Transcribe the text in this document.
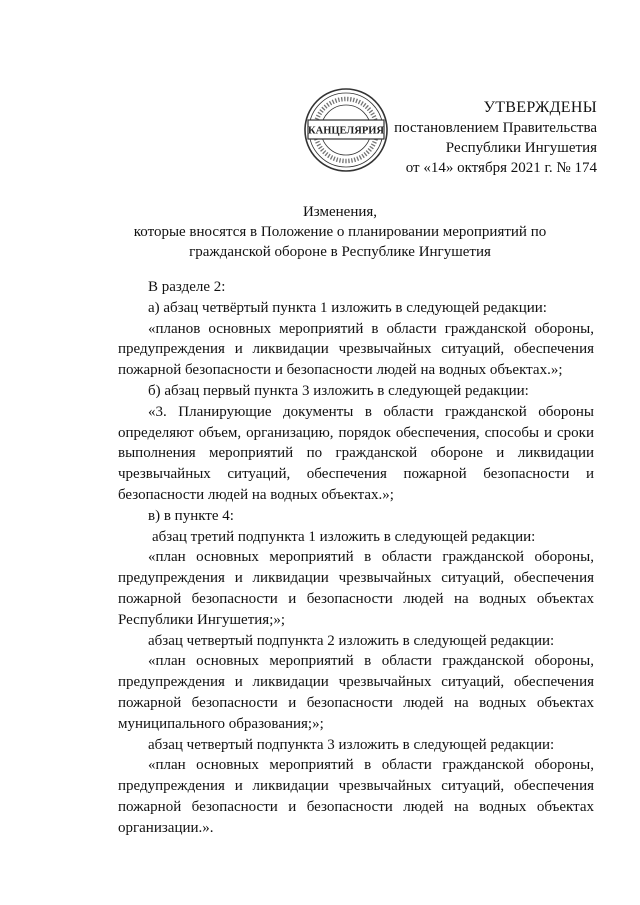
КАНЦЕЛЯРИЯ
УТВЕРЖДЕНЫ
постановлением Правительства
Республики Ингушетия
от «14» октября 2021 г. № 174
Изменения,
которые вносятся в Положение о планировании мероприятий по
гражданской обороне в Республике Ингушетия

В разделе 2:

а) абзац четвёртый пункта 1 изложить в следующей редакции:

«планов основных мероприятий в области гражданской обороны, предупреждения и ликвидации чрезвычайных ситуаций, обеспечения пожарной безопасности и безопасности людей на водных объектах.»;

б) абзац первый пункта 3 изложить в следующей редакции:

«3. Планирующие документы в области гражданской обороны определяют объем, организацию, порядок обеспечения, способы и сроки выполнения мероприятий по гражданской обороне и ликвидации чрезвычайных ситуаций, обеспечения пожарной безопасности и безопасности людей на водных объектах.»;

в) в пункте 4:

абзац третий подпункта 1 изложить в следующей редакции:

«план основных мероприятий в области гражданской обороны, предупреждения и ликвидации чрезвычайных ситуаций, обеспечения пожарной безопасности и безопасности людей на водных объектах Республики Ингушетия;»;

абзац четвертый подпункта 2 изложить в следующей редакции:

«план основных мероприятий в области гражданской обороны, предупреждения и ликвидации чрезвычайных ситуаций, обеспечения пожарной безопасности и безопасности людей на водных объектах муниципального образования;»;

абзац четвертый подпункта 3 изложить в следующей редакции:

«план основных мероприятий в области гражданской обороны, предупреждения и ликвидации чрезвычайных ситуаций, обеспечения пожарной безопасности и безопасности людей на водных объектах организации.».
